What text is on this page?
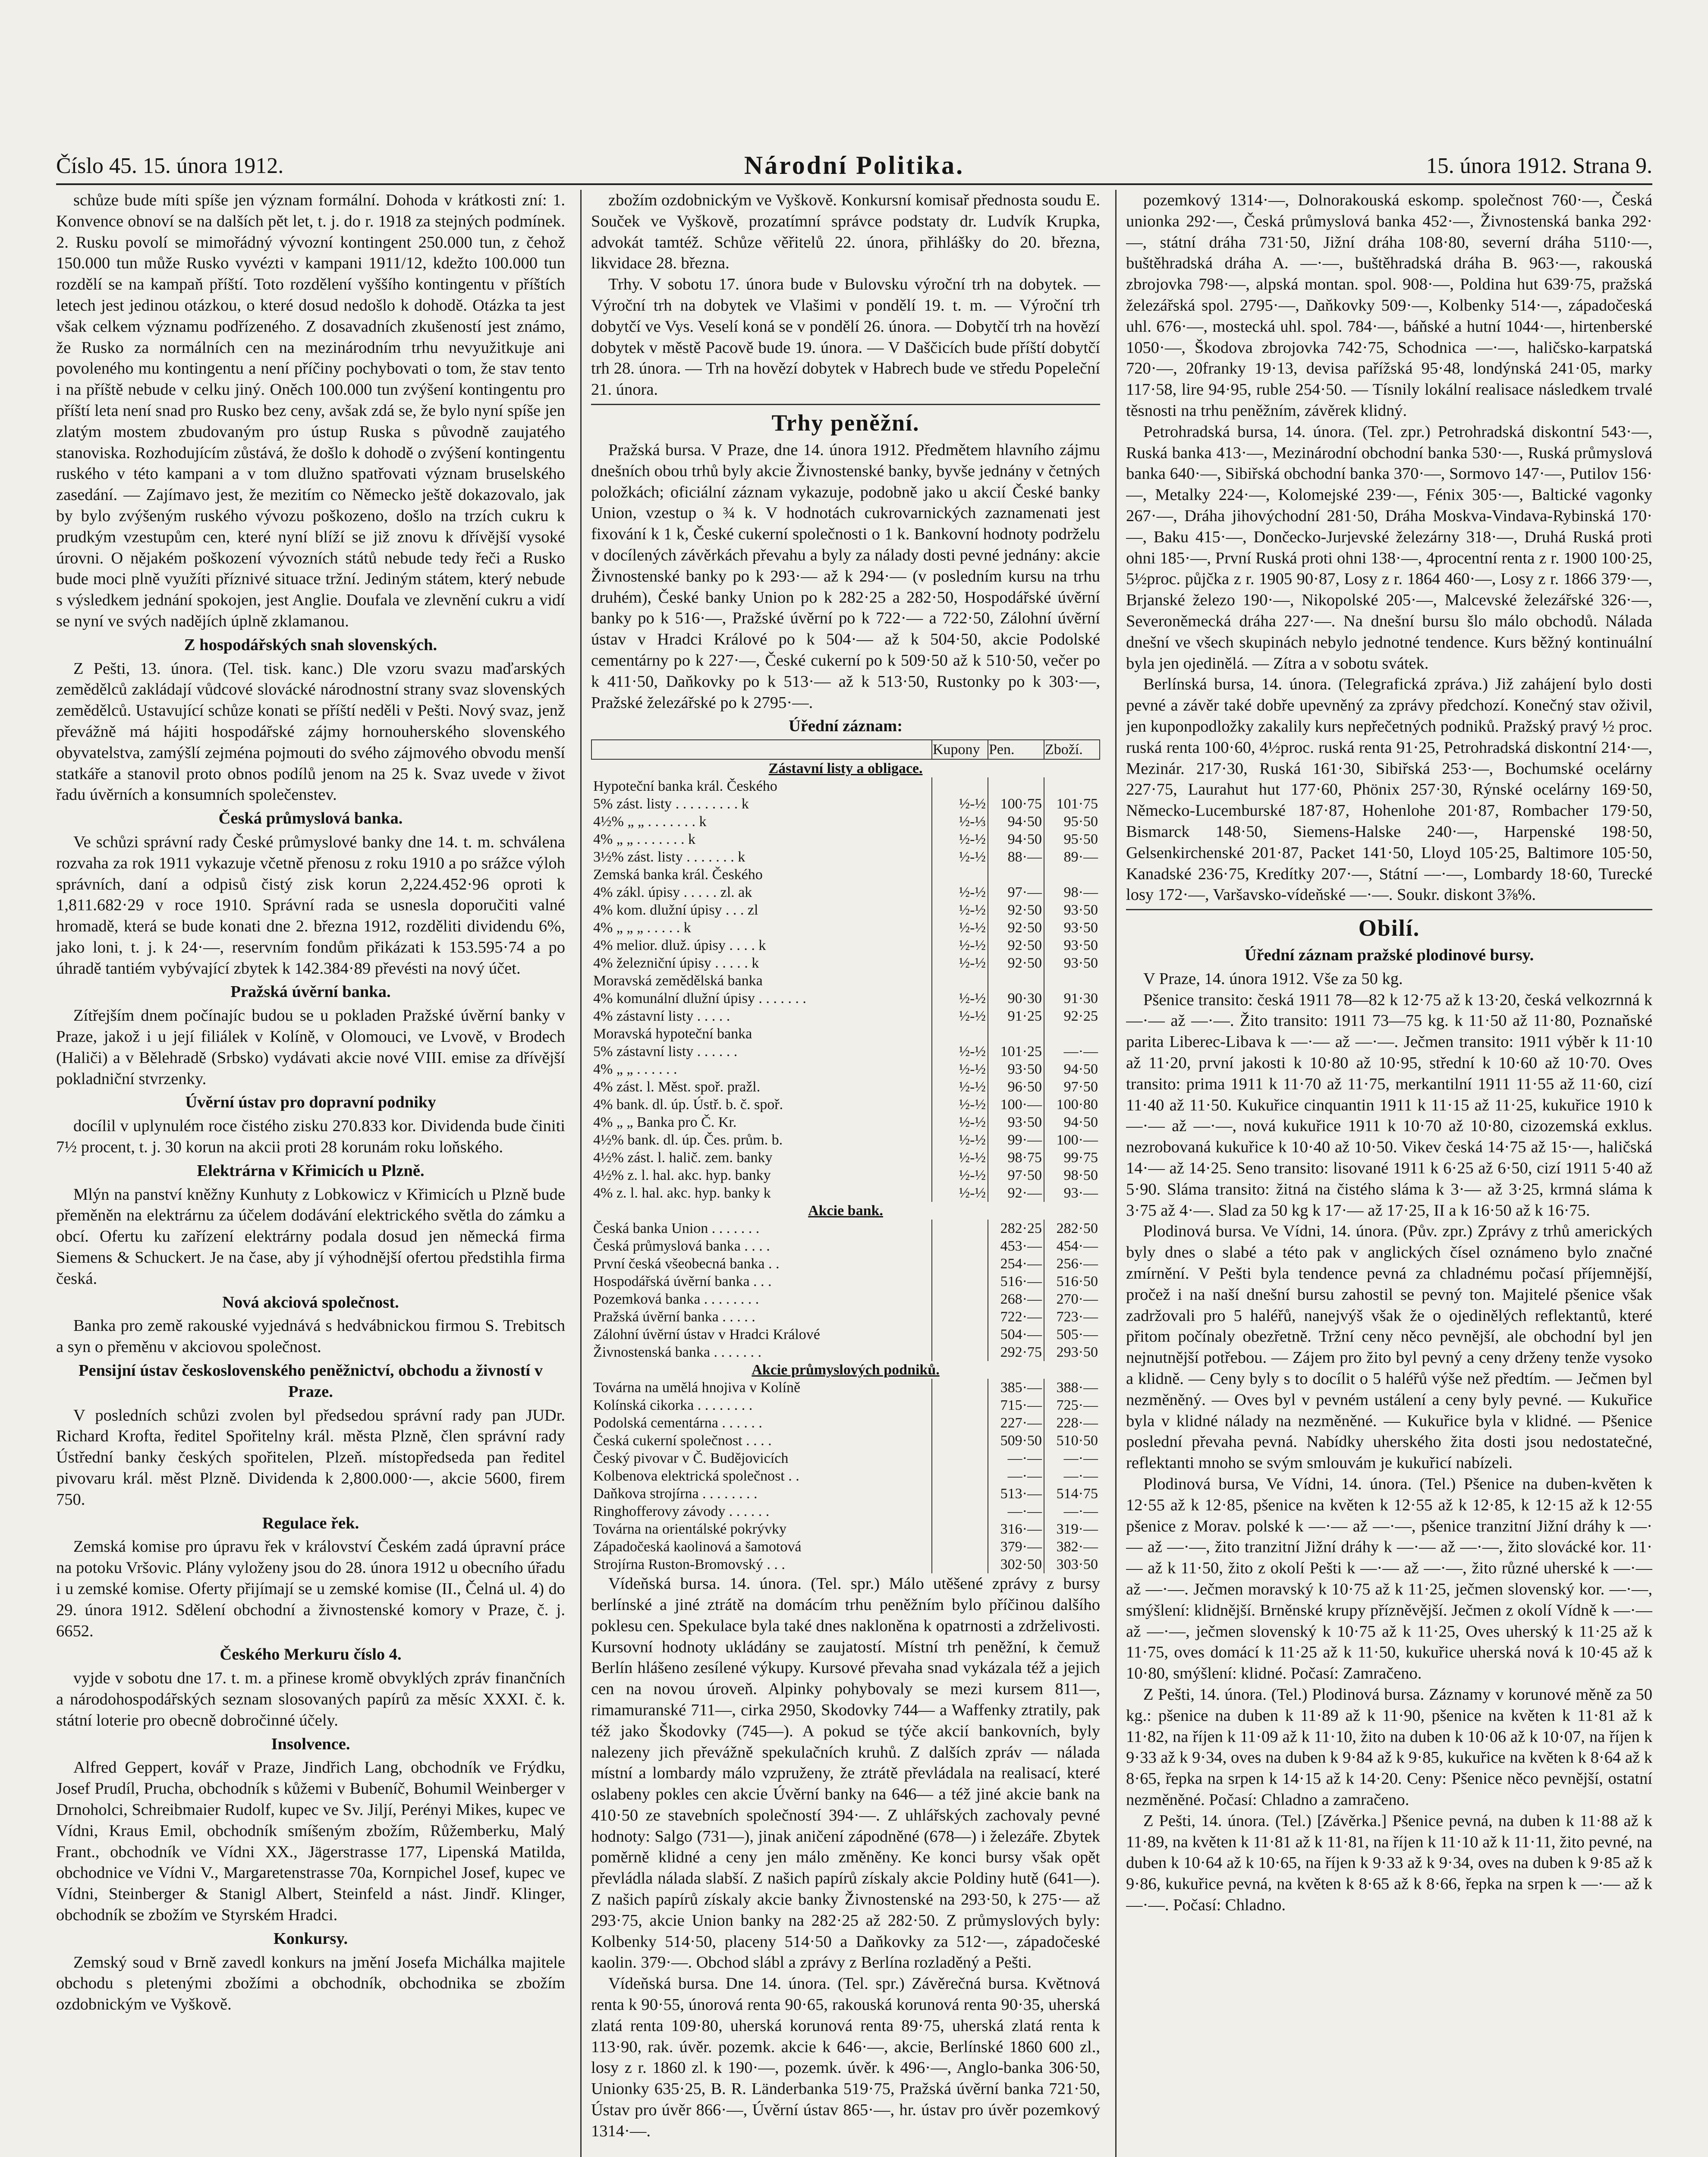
Číslo 45. 15. února 1912.	Národní Politika.	15. února 1912. Strana 9.

schůze bude míti spíše jen význam formální. Dohoda v krátkosti zní: 1. Konvence obnoví se na dalších pět let, t. j. do r. 1918 za stejných podmínek. 2. Rusku povolí se mimořádný vývozní kontingent 250.000 tun, z čehož 150.000 tun může Rusko vyvézti v kampani 1911/12, kdežto 100.000 tun rozdělí se na kampaň příští. Toto rozdělení vyššího kontingentu v příštích letech jest jedinou otázkou, o které dosud nedošlo k dohodě. Otázka ta jest však celkem významu podřízeného. Z dosavadních zkušeností jest známo, že Rusko za normálních cen na mezinárodním trhu nevyužitkuje ani povoleného mu kontingentu a není příčiny pochybovati o tom, že stav tento i na příště nebude v celku jiný. Oněch 100.000 tun zvýšení kontingentu pro příští leta není snad pro Rusko bez ceny, avšak zdá se, že bylo nyní spíše jen zlatým mostem zbudovaným pro ústup Ruska s původně zaujatého stanoviska. Rozhodujícím zůstává, že došlo k dohodě o zvýšení kontingentu ruského v této kampani a v tom dlužno spatřovati význam bruselského zasedání. — Zajímavo jest, že mezitím co Německo ještě dokazovalo, jak by bylo zvýšeným ruského vývozu poškozeno, došlo na trzích cukru k prudkým vzestupům cen, které nyní blíží se již znovu k dřívější vysoké úrovni. O nějakém poškození vývozních států nebude tedy řeči a Rusko bude moci plně využíti příznivé situace tržní. Jediným státem, který nebude s výsledkem jednání spokojen, jest Anglie. Doufala ve zlevnění cukru a vidí se nyní ve svých nadějích úplně zklamanou.

Z hospodářských snah slovenských.

Z Pešti, 13. února. (Tel. tisk. kanc.) Dle vzoru svazu maďarských zemědělců zakládají vůdcové slovácké národnostní strany svaz slovenských zemědělců. Ustavující schůze konati se příští neděli v Pešti. Nový svaz, jenž převážně má hájiti hospodářské zájmy hornouherského slovenského obyvatelstva, zamýšlí zejména pojmouti do svého zájmového obvodu menší statkáře a stanovil proto obnos podílů jenom na 25 k. Svaz uvede v život řadu úvěrních a konsumních společenstev.

Česká průmyslová banka.

Ve schůzi správní rady České průmyslové banky dne 14. t. m. schválena rozvaha za rok 1911 vykazuje včetně přenosu z roku 1910 a po srážce výloh správních, daní a odpisů čistý zisk korun 2,224.452·96 oproti k 1,811.682·29 v roce 1910. Správní rada se usnesla doporučiti valné hromadě, která se bude konati dne 2. března 1912, rozděliti dividendu 6%, jako loni, t. j. k 24·—, reservním fondům přikázati k 153.595·74 a po úhradě tantiém vybývající zbytek k 142.384·89 převésti na nový účet.

Pražská úvěrní banka.

Zítřejším dnem počínajíc budou se u pokladen Pražské úvěrní banky v Praze, jakož i u její filiálek v Kolíně, v Olomouci, ve Lvově, v Brodech (Haliči) a v Bělehradě (Srbsko) vydávati akcie nové VIII. emise za dřívější pokladniční stvrzenky.

Úvěrní ústav pro dopravní podniky

docílil v uplynulém roce čistého zisku 270.833 kor. Dividenda bude činiti 7½ procent, t. j. 30 korun na akcii proti 28 korunám roku loňského.

Elektrárna v Křimicích u Plzně.

Mlýn na panství kněžny Kunhuty z Lobkowicz v Křimicích u Plzně bude přeměněn na elektrárnu za účelem dodávání elektrického světla do zámku a obcí. Ofertu ku zařízení elektrárny podala dosud jen německá firma Siemens & Schuckert. Je na čase, aby jí výhodnější ofertou předstihla firma česká.

Nová akciová společnost.

Banka pro země rakouské vyjednává s hedvábnickou firmou S. Trebitsch a syn o přeměnu v akciovou společnost.

Pensijní ústav československého peněžnictví, obchodu a živností v Praze.

V posledních schůzi zvolen byl předsedou správní rady pan JUDr. Richard Krofta, ředitel Spořitelny král. města Plzně, člen správní rady Ústřední banky českých spořitelen, Plzeň. místopředseda pan ředitel pivovaru král. měst Plzně. Dividenda k 2,800.000·—, akcie 5600, firem 750.

Regulace řek.

Zemská komise pro úpravu řek v království Českém zadá úpravní práce na potoku Vršovic. Plány vyloženy jsou do 28. února 1912 u obecního úřadu i u zemské komise. Oferty přijímají se u zemské komise (II., Čelná ul. 4) do 29. února 1912. Sdělení obchodní a živnostenské komory v Praze, č. j. 6652.

Českého Merkuru číslo 4.

vyjde v sobotu dne 17. t. m. a přinese kromě obvyklých zpráv finančních a národohospodářských seznam slosovaných papírů za měsíc XXXI. č. k. státní loterie pro obecně dobročinné účely.

Insolvence.

Alfred Geppert, kovář v Praze, Jindřich Lang, obchodník ve Frýdku, Josef Prudíl, Prucha, obchodník s kůžemi v Bubeníč, Bohumil Weinberger v Drnoholci, Schreibmaier Rudolf, kupec ve Sv. Jiljí, Perényi Mikes, kupec ve Vídni, Kraus Emil, obchodník smíšeným zbožím, Růžemberku, Malý Frant., obchodník ve Vídni XX., Jägerstrasse 177, Lipenská Matilda, obchodnice ve Vídni V., Margaretenstrasse 70a, Kornpichel Josef, kupec ve Vídni, Steinberger & Stanigl Albert, Steinfeld a nást. Jindř. Klinger, obchodník se zbožím ve Styrském Hradci.

Konkursy.

Zemský soud v Brně zavedl konkurs na jmění Josefa Michálka majitele obchodu s pletenými zbožími a obchodník, obchodnika se zbožím ozdobnickým ve Vyškově.

zbožím ozdobnickým ve Vyškově. Konkursní komisař přednosta soudu E. Souček ve Vyškově, prozatímní správce podstaty dr. Ludvík Krupka, advokát tamtéž. Schůze věřitelů 22. února, přihlášky do 20. března, likvidace 28. března.

Trhy. V sobotu 17. února bude v Bulovsku výroční trh na dobytek. — Výroční trh na dobytek ve Vlašimi v pondělí 19. t. m. — Výroční trh dobytčí ve Vys. Veselí koná se v pondělí 26. února. — Dobytčí trh na hovězí dobytek v městě Pacově bude 19. února. — V Daščicích bude příští dobytčí trh 28. února. — Trh na hovězí dobytek v Habrech bude ve středu Popeleční 21. února.

Trhy peněžní.

Pražská bursa. V Praze, dne 14. února 1912. Předmětem hlavního zájmu dnešních obou trhů byly akcie Živnostenské banky, byvše jednány v četných položkách; oficiální záznam vykazuje, podobně jako u akcií České banky Union, vzestup o ¾ k. V hodnotách cukrovarnických zaznamenati jest fixování k 1 k, České cukerní společnosti o 1 k. Bankovní hodnoty podrželu v docílených závěrkách převahu a byly za nálady dosti pevné jednány: akcie Živnostenské banky po k 293·— až k 294·— (v posledním kursu na trhu druhém), České banky Union po k 282·25 a 282·50, Hospodářské úvěrní banky po k 516·—, Pražské úvěrní po k 722·— a 722·50, Zálohní úvěrní ústav v Hradci Králové po k 504·— až k 504·50, akcie Podolské cementárny po k 227·—, České cukerní po k 509·50 až k 510·50, večer po k 411·50, Daňkovky po k 513·— až k 513·50, Rustonky po k 303·—, Pražské železářské po k 2795·—.

Úřední záznam:
	Kupony	Pen.	Zboží.
Zástavní listy a obligace.			
Hypoteční banka král. Českého			
5% zást. listy . . . . . . . . . k	½-½	100·75	101·75
4½% „ „ . . . . . . . k	½-⅓	94·50	95·50
4% „ „ . . . . . . . k	½-½	94·50	95·50
3½% zást. listy . . . . . . . k	½-½	88·—	89·—
Zemská banka král. Českého			
4% zákl. úpisy . . . . . zl. ak	½-½	97·—	98·—
4% kom. dlužní úpisy . . . zl	½-½	92·50	93·50
4% „ „ „ . . . . . k	½-½	92·50	93·50
4% melior. dluž. úpisy . . . . k	½-½	92·50	93·50
4% železniční úpisy . . . . . k	½-½	92·50	93·50
Moravská zemědělská banka			
4% komunální dlužní úpisy . . . . . . .	½-½	90·30	91·30
4% zástavní listy . . . . .	½-½	91·25	92·25
Moravská hypoteční banka			
5% zástavní listy . . . . . .	½-½	101·25	—·—
4% „ „ . . . . . .	½-½	93·50	94·50
4% zást. l. Měst. spoř. pražl.	½-½	96·50	97·50
4% bank. dl. úp. Ústř. b. č. spoř.	½-½	100·—	100·80
4% „ „ Banka pro Č. Kr.	½-½	93·50	94·50
4½% bank. dl. úp. Čes. prům. b.	½-½	99·—	100·—
4½% zást. l. halič. zem. banky	½-½	98·75	99·75
4½% z. l. hal. akc. hyp. banky	½-½	97·50	98·50
4% z. l. hal. akc. hyp. banky k	½-½	92·—	93·—
Akcie bank.			
Česká banka Union . . . . . . .		282·25	282·50
Česká průmyslová banka . . . .		453·—	454·—
První česká všeobecná banka . .		254·—	256·—
Hospodářská úvěrní banka . . .		516·—	516·50
Pozemková banka . . . . . . . .		268·—	270·—
Pražská úvěrní banka . . . . .		722·—	723·—
Zálohní úvěrní ústav v Hradci Králové		504·—	505·—
Živnostenská banka . . . . . . .		292·75	293·50
Akcie průmyslových podniků.			
Továrna na umělá hnojiva v Kolíně		385·—	388·—
Kolínská cikorka . . . . . . . .		715·—	725·—
Podolská cementárna . . . . . .		227·—	228·—
Česká cukerní společnost . . . .		509·50	510·50
Český pivovar v Č. Budějovicích		—·—	—·—
Kolbenova elektrická společnost . .		—·—	—·—
Daňkova strojírna . . . . . . . .		513·—	514·75
Ringhofferovy závody . . . . . .		—·—	—·—
Továrna na orientálské pokrývky		316·—	319·—
Západočeská kaolinová a šamotová		379·—	382·—
Strojírna Ruston-Bromovský . . .		302·50	303·50

Vídeňská bursa. 14. února. (Tel. spr.) Málo utěšené zprávy z bursy berlínské a jiné ztrátě na domácím trhu peněžním bylo příčinou dalšího poklesu cen. Spekulace byla také dnes nakloněna k opatrnosti a zdrželivosti. Kursovní hodnoty ukládány se zaujatostí. Místní trh peněžní, k čemuž Berlín hlášeno zesílené výkupy. Kursové převaha snad vykázala též a jejich cen na novou úroveň. Alpinky pohybovaly se mezi kursem 811—, rimamuranské 711—, cirka 2950, Skodovky 744— a Waffenky ztratily, pak též jako Škodovky (745—). A pokud se týče akcií bankovních, byly nalezeny jich převážně spekulačních kruhů. Z dalších zpráv — nálada místní a lombardy málo vzpruženy, že ztrátě převládala na realisací, které oslabeny pokles cen akcie Úvěrní banky na 646— a též jiné akcie bank na 410·50 ze stavebních společností 394·—. Z uhlářských zachovaly pevné hodnoty: Salgo (731—), jinak aničení zápodněné (678—) i železáře. Zbytek poměrně klidné a ceny jen málo změněny. Ke konci bursy však opět převládla nálada slabší. Z našich papírů získaly akcie Poldiny hutě (641—). Z našich papírů získaly akcie banky Živnostenské na 293·50, k 275·— až 293·75, akcie Union banky na 282·25 až 282·50. Z průmyslových byly: Kolbenky 514·50, placeny 514·50 a Daňkovky za 512·—, západočeské kaolin. 379·—. Obchod slábl a zprávy z Berlína rozladěný a Pešti.

Vídeňská bursa. Dne 14. února. (Tel. spr.) Závěrečná bursa. Květnová renta k 90·55, únorová renta 90·65, rakouská korunová renta 90·35, uherská zlatá renta 109·80, uherská korunová renta 89·75, uherská zlatá renta k 113·90, rak. úvěr. pozemk. akcie k 646·—, akcie, Berlínské 1860 600 zl., losy z r. 1860 zl. k 190·—, pozemk. úvěr. k 496·—, Anglo-banka 306·50, Unionky 635·25, B. R. Länderbanka 519·75, Pražská úvěrní banka 721·50, Ústav pro úvěr 866·—, Úvěrní ústav 865·—, hr. ústav pro úvěr pozemkový 1314·—.

pozemkový 1314·—, Dolnorakouská eskomp. společnost 760·—, Česká unionka 292·—, Česká průmyslová banka 452·—, Živnostenská banka 292·—, státní dráha 731·50, Jižní dráha 108·80, severní dráha 5110·—, buštěhradská dráha A. —·—, buštěhradská dráha B. 963·—, rakouská zbrojovka 798·—, alpská montan. spol. 908·—, Poldina hut 639·75, pražská železářská spol. 2795·—, Daňkovky 509·—, Kolbenky 514·—, západočeská uhl. 676·—, mostecká uhl. spol. 784·—, báňské a hutní 1044·—, hirtenberské 1050·—, Škodova zbrojovka 742·75, Schodnica —·—, haličsko-karpatská 720·—, 20franky 19·13, devisa pařížská 95·48, londýnská 241·05, marky 117·58, lire 94·95, ruble 254·50. — Tísnily lokální realisace následkem trvalé těsnosti na trhu peněžním, závěrek klidný.

Petrohradská bursa, 14. února. (Tel. zpr.) Petrohradská diskontní 543·—, Ruská banka 413·—, Mezinárodní obchodní banka 530·—, Ruská průmyslová banka 640·—, Sibiřská obchodní banka 370·—, Sormovo 147·—, Putilov 156·—, Metalky 224·—, Kolomejské 239·—, Fénix 305·—, Baltické vagonky 267·—, Dráha jihovýchodní 281·50, Dráha Moskva-Vindava-Rybinská 170·—, Baku 415·—, Dončecko-Jurjevské železárny 318·—, Druhá Ruská proti ohni 185·—, První Ruská proti ohni 138·—, 4procentní renta z r. 1900 100·25, 5½proc. půjčka z r. 1905 90·87, Losy z r. 1864 460·—, Losy z r. 1866 379·—, Brjanské železo 190·—, Nikopolské 205·—, Malcevské železářské 326·—, Severoněmecká dráha 227·—. Na dnešní bursu šlo málo obchodů. Nálada dnešní ve všech skupinách nebylo jednotné tendence. Kurs běžný kontinuální byla jen ojedinělá. — Zítra a v sobotu svátek.

Berlínská bursa, 14. února. (Telegrafická zpráva.) Již zahájení bylo dosti pevné a závěr také dobře upevněný za zprávy předchozí. Konečný stav oživil, jen kuponpodložky zakalily kurs nepřečetných podniků. Pražský pravý ½ proc. ruská renta 100·60, 4½proc. ruská renta 91·25, Petrohradská diskontní 214·—, Mezinár. 217·30, Ruská 161·30, Sibiřská 253·—, Bochumské ocelárny 227·75, Laurahut hut 177·60, Phönix 257·30, Rýnské ocelárny 169·50, Německo-Lucemburské 187·87, Hohenlohe 201·87, Rombacher 179·50, Bismarck 148·50, Siemens-Halske 240·—, Harpenské 198·50, Gelsenkirchenské 201·87, Packet 141·50, Lloyd 105·25, Baltimore 105·50, Kanadské 236·75, Kredítky 207·—, Státní —·—, Lombardy 18·60, Turecké losy 172·—, Varšavsko-vídeňské —·—. Soukr. diskont 3⅞%.

Obilí.
Úřední záznam pražské plodinové bursy.

V Praze, 14. února 1912. Vše za 50 kg.

Pšenice transito: česká 1911 78—82 k 12·75 až k 13·20, česká velkozrnná k —·— až —·—. Žito transito: 1911 73—75 kg. k 11·50 až 11·80, Poznaňské parita Liberec-Libava k —·— až —·—. Ječmen transito: 1911 výběr k 11·10 až 11·20, první jakosti k 10·80 až 10·95, střední k 10·60 až 10·70. Oves transito: prima 1911 k 11·70 až 11·75, merkantilní 1911 11·55 až 11·60, cizí 11·40 až 11·50. Kukuřice cinquantin 1911 k 11·15 až 11·25, kukuřice 1910 k —·— až —·—, nová kukuřice 1911 k 10·70 až 10·80, cizozemská exklus. nezrobovaná kukuřice k 10·40 až 10·50. Vikev česká 14·75 až 15·—, haličská 14·— až 14·25. Seno transito: lisované 1911 k 6·25 až 6·50, cizí 1911 5·40 až 5·90. Sláma transito: žitná na čistého sláma k 3·— až 3·25, krmná sláma k 3·75 až 4·—. Slad za 50 kg k 17·— až 17·25, II a k 16·50 až k 16·75.

Plodinová bursa. Ve Vídni, 14. února. (Pův. zpr.) Zprávy z trhů amerických byly dnes o slabé a této pak v anglických čísel oznámeno bylo značné zmírnění. V Pešti byla tendence pevná za chladnému počasí příjemnější, pročež i na naší dnešní bursu zahostil se pevný ton. Majitelé pšenice však zadržovali pro 5 haléřů, nanejvýš však že o ojedinělých reflektantů, které přitom počínaly obezřetně. Tržní ceny něco pevnější, ale obchodní byl jen nejnutnější potřebou. — Zájem pro žito byl pevný a ceny drženy tenže vysoko a klidně. — Ceny byly s to docílit o 5 haléřů výše než předtím. — Ječmen byl nezměněný. — Oves byl v pevném ustálení a ceny byly pevné. — Kukuřice byla v klidné nálady na nezměněné. — Kukuřice byla v klidné. — Pšenice poslední převaha pevná. Nabídky uherského žita dosti jsou nedostatečné, reflektanti mnoho se svým smlouvám je kukuřicí nabízeli.

Plodinová bursa, Ve Vídni, 14. února. (Tel.) Pšenice na duben-květen k 12·55 až k 12·85, pšenice na květen k 12·55 až k 12·85, k 12·15 až k 12·55 pšenice z Morav. polské k —·— až —·—, pšenice tranzitní Jižní dráhy k —·— až —·—, žito tranzitní Jižní dráhy k —·— až —·—, žito slovácké kor. 11·— až k 11·50, žito z okolí Pešti k —·— až —·—, žito různé uherské k —·— až —·—. Ječmen moravský k 10·75 až k 11·25, ječmen slovenský kor. —·—, smýšlení: klidnější. Brněnské krupy přízněvější. Ječmen z okolí Vídně k —·— až —·—, ječmen slovenský k 10·75 až k 11·25, Oves uherský k 11·25 až k 11·75, oves domácí k 11·25 až k 11·50, kukuřice uherská nová k 10·45 až k 10·80, smýšlení: klidné. Počasí: Zamračeno.

Z Pešti, 14. února. (Tel.) Plodinová bursa. Záznamy v korunové měně za 50 kg.: pšenice na duben k 11·89 až k 11·90, pšenice na květen k 11·81 až k 11·82, na říjen k 11·09 až k 11·10, žito na duben k 10·06 až k 10·07, na říjen k 9·33 až k 9·34, oves na duben k 9·84 až k 9·85, kukuřice na květen k 8·64 až k 8·65, řepka na srpen k 14·15 až k 14·20. Ceny: Pšenice něco pevnější, ostatní nezměněné. Počasí: Chladno a zamračeno.

Z Pešti, 14. února. (Tel.) [Závěrka.] Pšenice pevná, na duben k 11·88 až k 11·89, na květen k 11·81 až k 11·81, na říjen k 11·10 až k 11·11, žito pevné, na duben k 10·64 až k 10·65, na říjen k 9·33 až k 9·34, oves na duben k 9·85 až k 9·86, kukuřice pevná, na květen k 8·65 až k 8·66, řepka na srpen k —·— až k —·—. Počasí: Chladno.
